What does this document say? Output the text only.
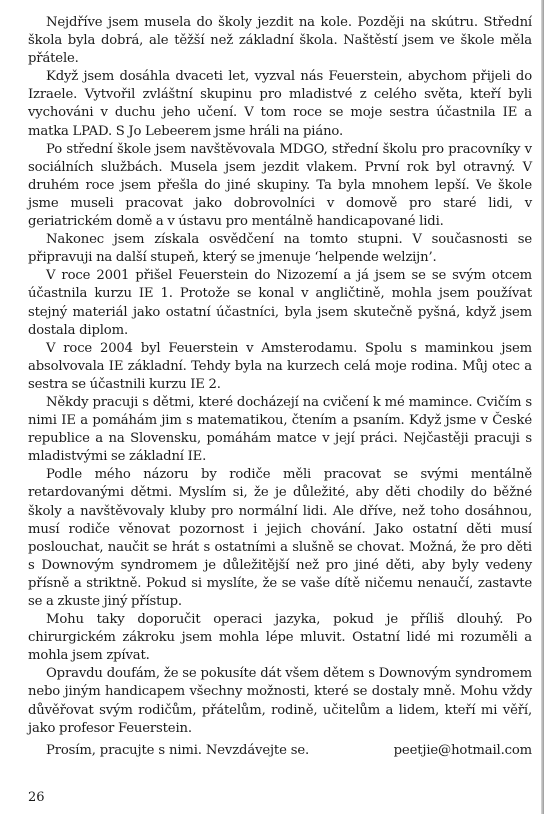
Nejdříve jsem musela do školy jezdit na kole. Později na skútru. Střední škola byla dobrá, ale těžší než základní škola. Naštěstí jsem ve škole měla přátele.

Když jsem dosáhla dvaceti let, vyzval nás Feuerstein, abychom přijeli do Izraele. Vytvořil zvláštní skupinu pro mladistvé z celého světa, kteří byli vychováni v duchu jeho učení. V tom roce se moje sestra účastnila IE a matka LPAD. S Jo Lebeerem jsme hráli na piáno.

Po střední škole jsem navštěvovala MDGO, střední školu pro pracovníky v sociálních službách. Musela jsem jezdit vlakem. První rok byl otravný. V druhém roce jsem přešla do jiné skupiny. Ta byla mnohem lepší. Ve škole jsme museli pracovat jako dobrovolníci v domově pro staré lidi, v geriatrickém domě a v ústavu pro mentálně handicapované lidi.

Nakonec jsem získala osvědčení na tomto stupni. V současnosti se připravuji na další stupeň, který se jmenuje ‘helpende welzijn’.

V roce 2001 přišel Feuerstein do Nizozemí a já jsem se se svým otcem účastnila kurzu IE 1. Protože se konal v angličtině, mohla jsem používat stejný materiál jako ostatní účastníci, byla jsem skutečně pyšná, když jsem dostala diplom.

V roce 2004 byl Feuerstein v Amsterodamu. Spolu s maminkou jsem absolvovala IE základní. Tehdy byla na kurzech celá moje rodina. Můj otec a sestra se účastnili kurzu IE 2.

Někdy pracuji s dětmi, které docházejí na cvičení k mé mamince. Cvičím s nimi IE a pomáhám jim s matematikou, čtením a psaním. Když jsme v České republice a na Slovensku, pomáhám matce v její práci. Nejčastěji pracuji s mladistvými se základní IE.

Podle mého názoru by rodiče měli pracovat se svými mentálně retardovanými dětmi. Myslím si, že je důležité, aby děti chodily do běžné školy a navštěvovaly kluby pro normální lidi. Ale dříve, než toho dosáhnou, musí rodiče věnovat pozornost i jejich chování. Jako ostatní děti musí poslouchat, naučit se hrát s ostatními a slušně se chovat. Možná, že pro děti s Downovým syndromem je důležitější než pro jiné děti, aby byly vedeny přísně a striktně. Pokud si myslíte, že se vaše dítě ničemu nenaučí, zastavte se a zkuste jiný přístup.

Mohu taky doporučit operaci jazyka, pokud je příliš dlouhý. Po chirurgickém zákroku jsem mohla lépe mluvit. Ostatní lidé mi rozuměli a mohla jsem zpívat.

Opravdu doufám, že se pokusíte dát všem dětem s Downovým syndromem nebo jiným handicapem všechny možnosti, které se dostaly mně. Mohu vždy důvěřovat svým rodičům, přátelům, rodině, učitelům a lidem, kteří mi věří, jako profesor Feuerstein.

Prosím, pracujte s nimi. Nevzdávejte se.	peetjie@hotmail.com
26
